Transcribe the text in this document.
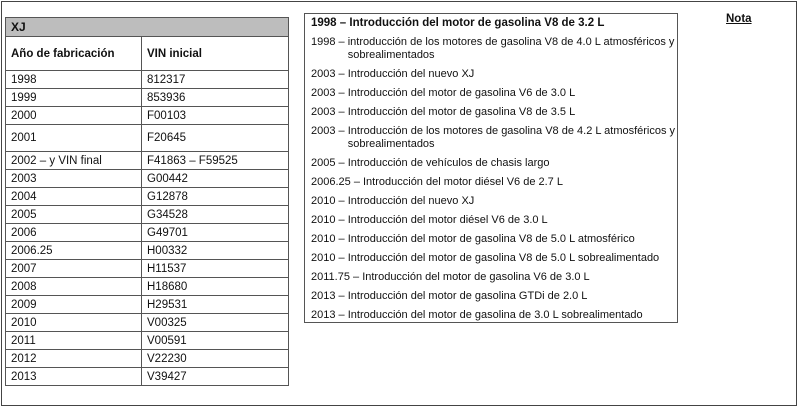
XJ	
Año de fabricación	VIN inicial
1998	812317
1999	853936
2000	F00103
2001	F20645
2002 – y VIN final	F41863 – F59525
2003	G00442
2004	G12878
2005	G34528
2006	G49701
2006.25	H00332
2007	H11537
2008	H18680
2009	H29531
2010	V00325
2011	V00591
2012	V22230
2013	V39427
1998 – Introducción del motor de gasolina V8 de 3.2 L
1998 – introducción de los motores de gasolina V8 de 4.0 L atmosféricos y sobrealimentados
2003 – Introducción del nuevo XJ
2003 – Introducción del motor de gasolina V6 de 3.0 L
2003 – Introducción del motor de gasolina V8 de 3.5 L
2003 – Introducción de los motores de gasolina V8 de 4.2 L atmosféricos y sobrealimentados
2005 – Introducción de vehículos de chasis largo
2006.25 – Introducción del motor diésel V6 de 2.7 L
2010 – Introducción del nuevo XJ
2010 – Introducción del motor diésel V6 de 3.0 L
2010 – Introducción del motor de gasolina V8 de 5.0 L atmosférico
2010 – Introducción del motor de gasolina V8 de 5.0 L sobrealimentado
2011.75 – Introducción del motor de gasolina V6 de 3.0 L
2013 – Introducción del motor de gasolina GTDi de 2.0 L
2013 – Introducción del motor de gasolina de 3.0 L sobrealimentado
Nota
